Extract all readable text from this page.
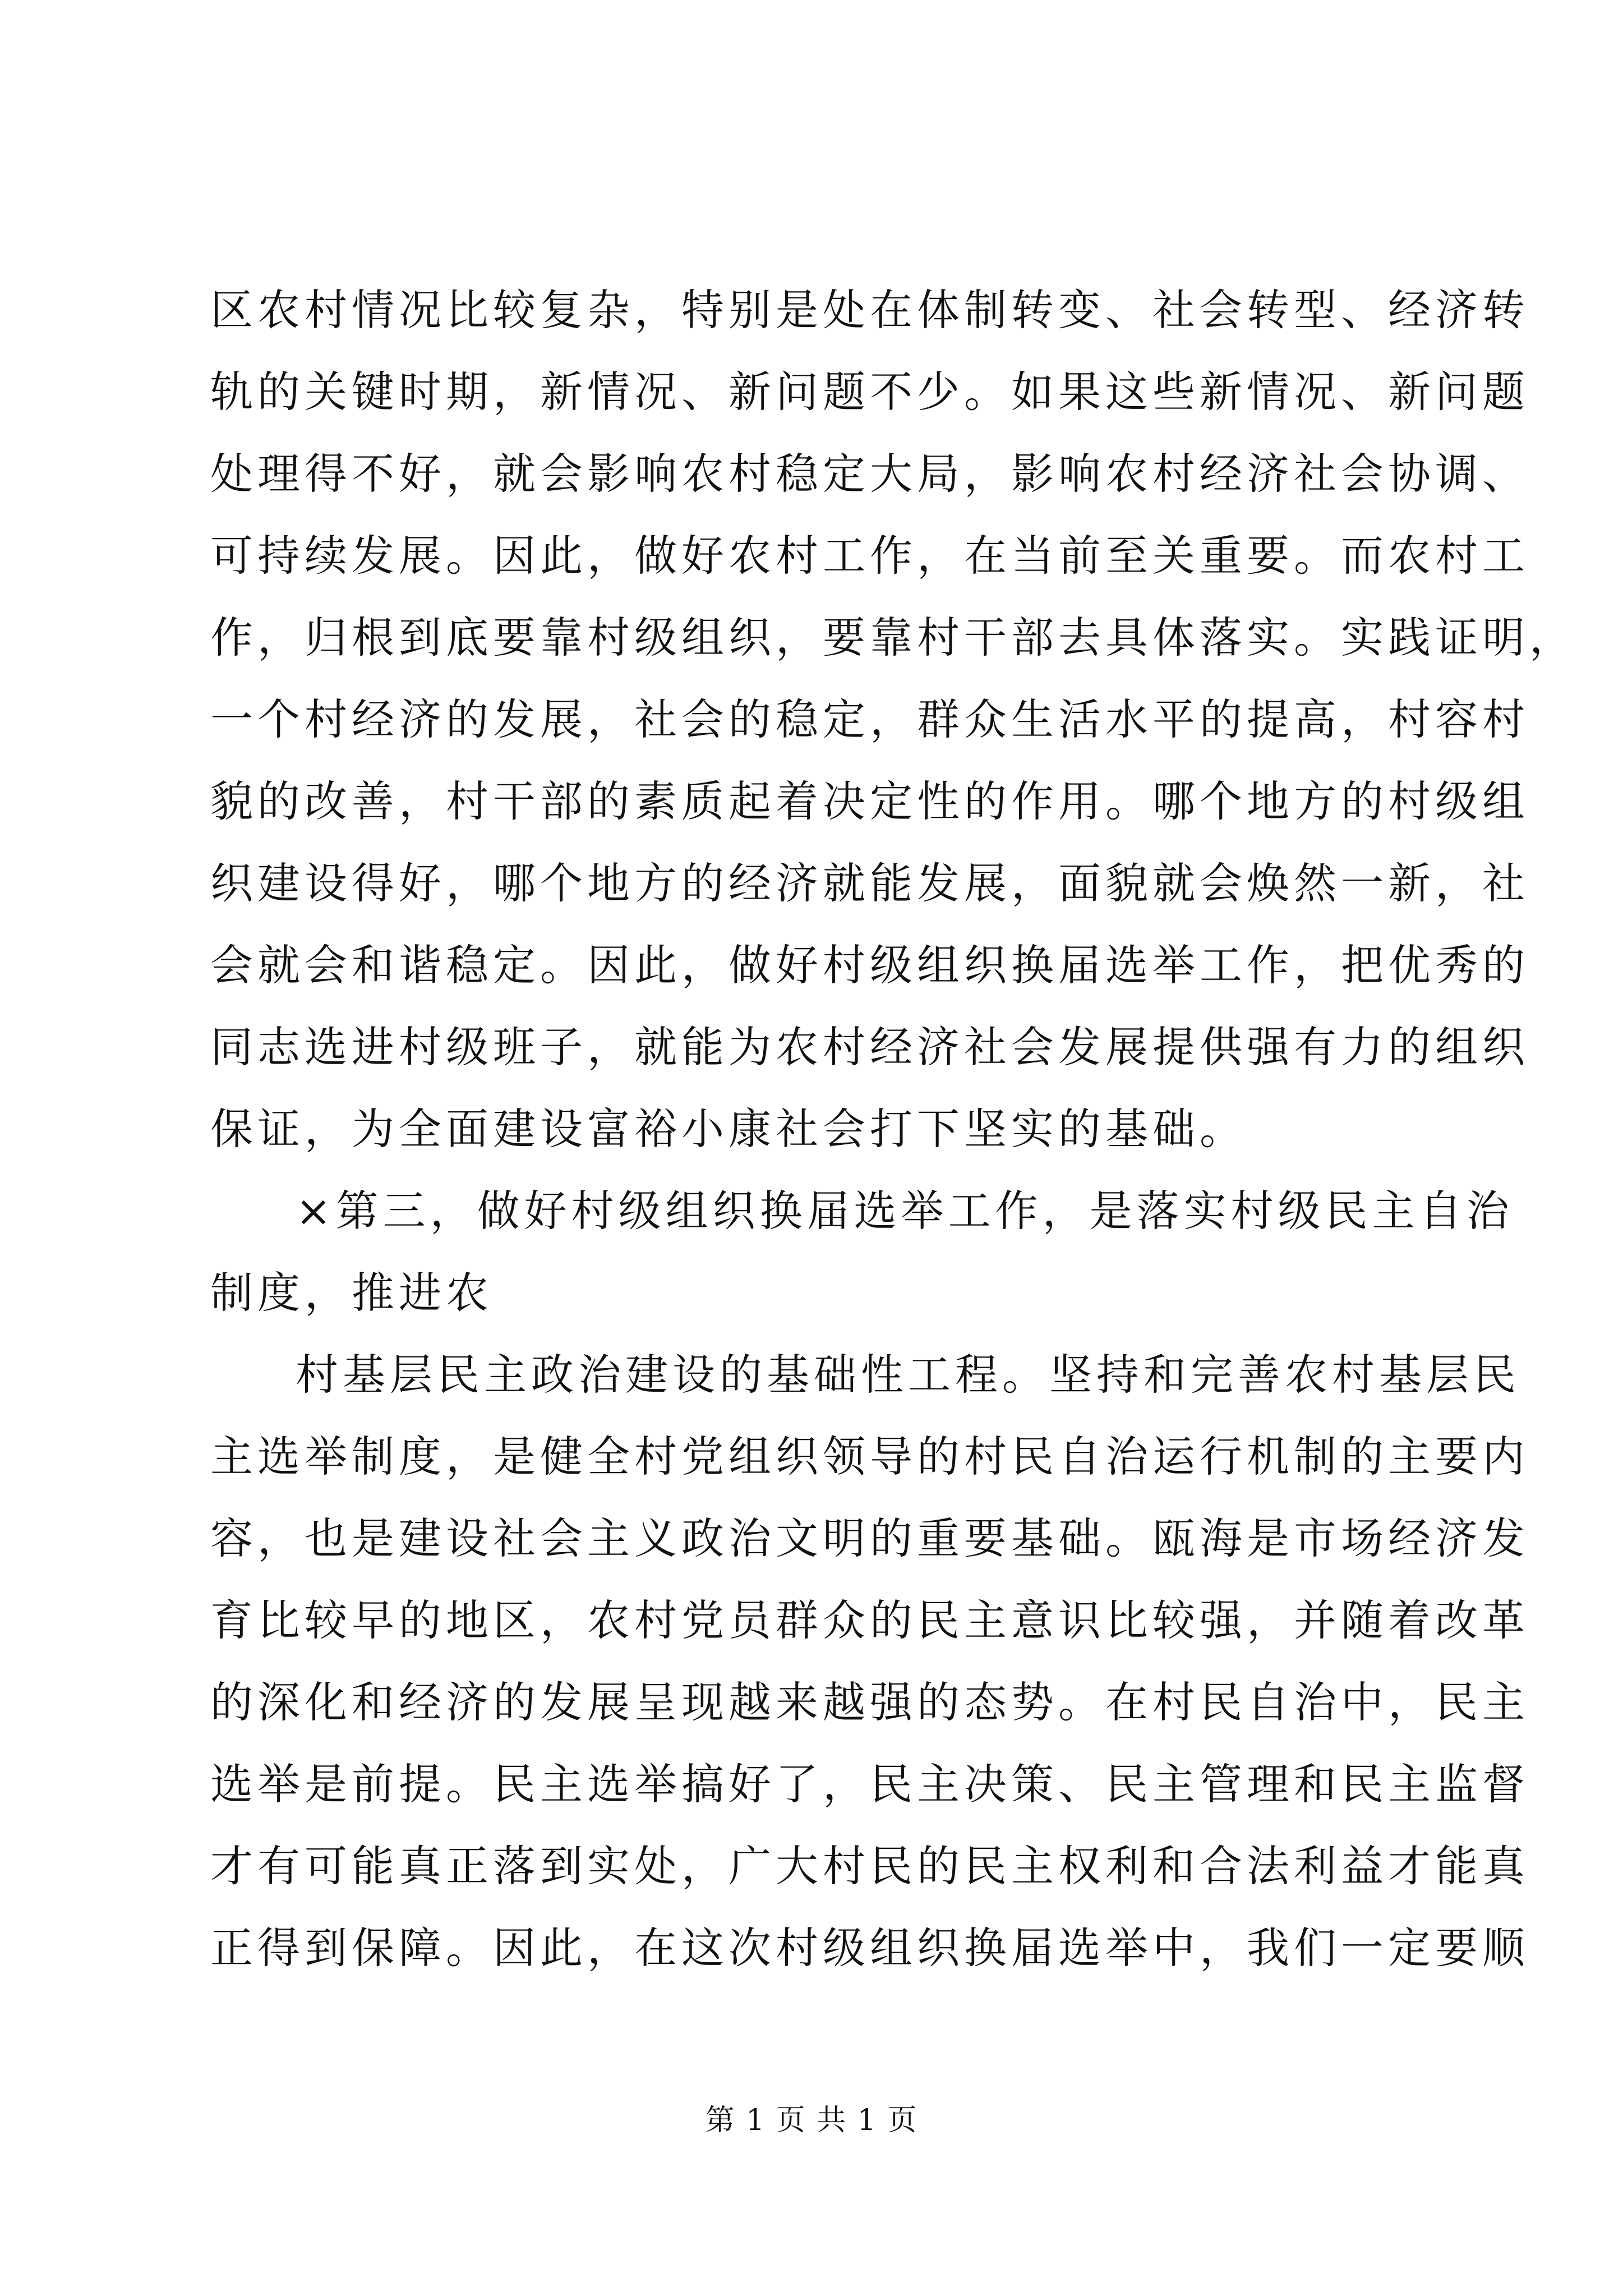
区农村情况比较复杂，特别是处在体制转变、社会转型、经济转
轨的关键时期，新情况、新问题不少。如果这些新情况、新问题
处理得不好，就会影响农村稳定大局，影响农村经济社会协调、
可持续发展。因此，做好农村工作，在当前至关重要。而农村工
作，归根到底要靠村级组织，要靠村干部去具体落实。实践证明，
一个村经济的发展，社会的稳定，群众生活水平的提高，村容村
貌的改善，村干部的素质起着决定性的作用。哪个地方的村级组
织建设得好，哪个地方的经济就能发展，面貌就会焕然一新，社
会就会和谐稳定。因此，做好村级组织换届选举工作，把优秀的
同志选进村级班子，就能为农村经济社会发展提供强有力的组织
保证，为全面建设富裕小康社会打下坚实的基础。
×第三，做好村级组织换届选举工作，是落实村级民主自治
制度，推进农
村基层民主政治建设的基础性工程。坚持和完善农村基层民
主选举制度，是健全村党组织领导的村民自治运行机制的主要内
容，也是建设社会主义政治文明的重要基础。瓯海是市场经济发
育比较早的地区，农村党员群众的民主意识比较强，并随着改革
的深化和经济的发展呈现越来越强的态势。在村民自治中，民主
选举是前提。民主选举搞好了，民主决策、民主管理和民主监督
才有可能真正落到实处，广大村民的民主权利和合法利益才能真
正得到保障。因此，在这次村级组织换届选举中，我们一定要顺
第 1 页 共 1 页
